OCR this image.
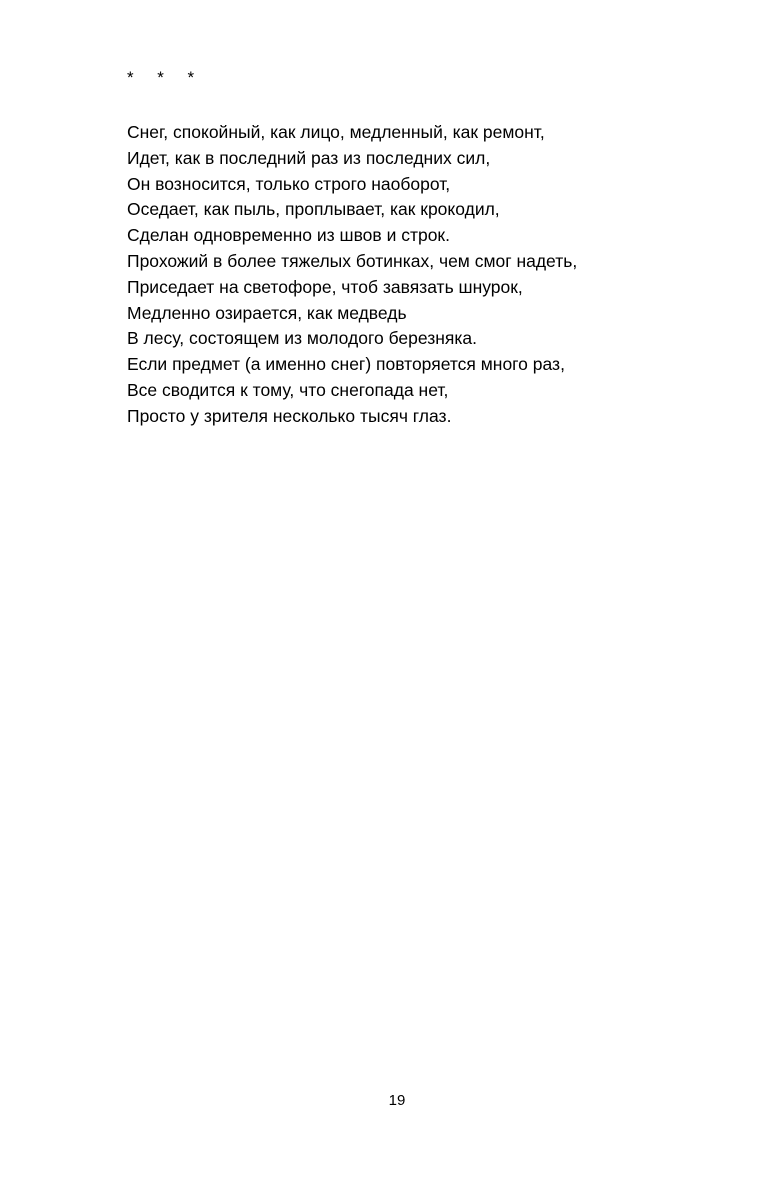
*     *     *
Снег, спокойный, как лицо, медленный, как ремонт,
Идет, как в последний раз из последних сил,
Он возносится, только строго наоборот,
Оседает, как пыль, проплывает, как крокодил,
Сделан одновременно из швов и строк.
Прохожий в более тяжелых ботинках, чем смог надеть,
Приседает на светофоре, чтоб завязать шнурок,
Медленно озирается, как медведь
В лесу, состоящем из молодого березняка.
Если предмет (а именно снег) повторяется много раз,
Все сводится к тому, что снегопада нет,
Просто у зрителя несколько тысяч глаз.
19
